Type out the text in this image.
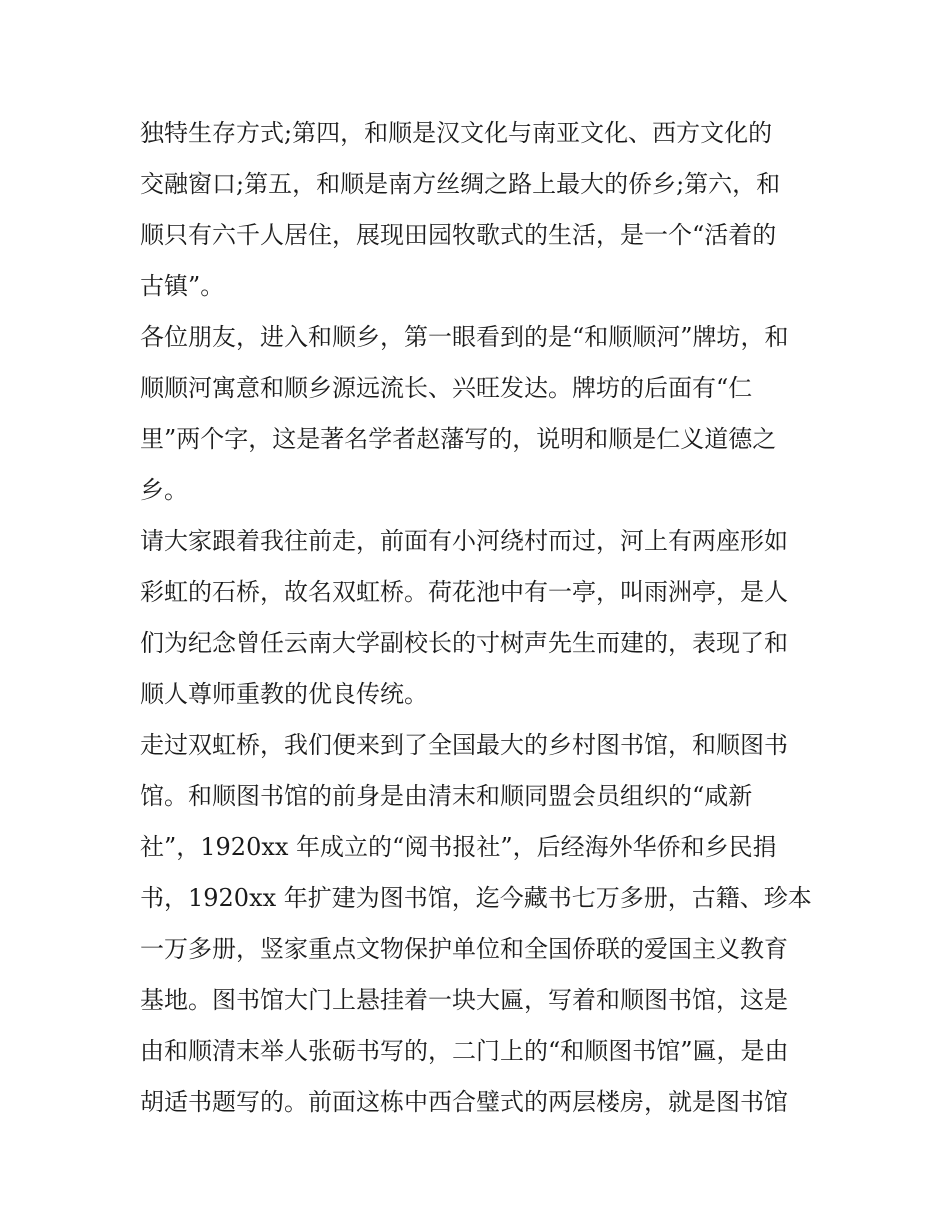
独特生存方式;第四，和顺是汉文化与南亚文化、西方文化的
交融窗口;第五，和顺是南方丝绸之路上最大的侨乡;第六，和
顺只有六千人居住，展现田园牧歌式的生活，是一个“活着的
古镇”。
各位朋友，进入和顺乡，第一眼看到的是“和顺顺河”牌坊，和
顺顺河寓意和顺乡源远流长、兴旺发达。牌坊的后面有“仁
里”两个字，这是著名学者赵藩写的，说明和顺是仁义道德之
乡。
请大家跟着我往前走，前面有小河绕村而过，河上有两座形如
彩虹的石桥，故名双虹桥。荷花池中有一亭，叫雨洲亭，是人
们为纪念曾任云南大学副校长的寸树声先生而建的，表现了和
顺人尊师重教的优良传统。
走过双虹桥，我们便来到了全国最大的乡村图书馆，和顺图书
馆。和顺图书馆的前身是由清末和顺同盟会员组织的“咸新
社”，1920xx 年成立的“阅书报社”，后经海外华侨和乡民捐
书，1920xx 年扩建为图书馆，迄今藏书七万多册，古籍、珍本
一万多册，竖家重点文物保护单位和全国侨联的爱国主义教育
基地。图书馆大门上悬挂着一块大匾，写着和顺图书馆，这是
由和顺清末举人张砺书写的，二门上的“和顺图书馆”匾，是由
胡适书题写的。前面这栋中西合璧式的两层楼房，就是图书馆
